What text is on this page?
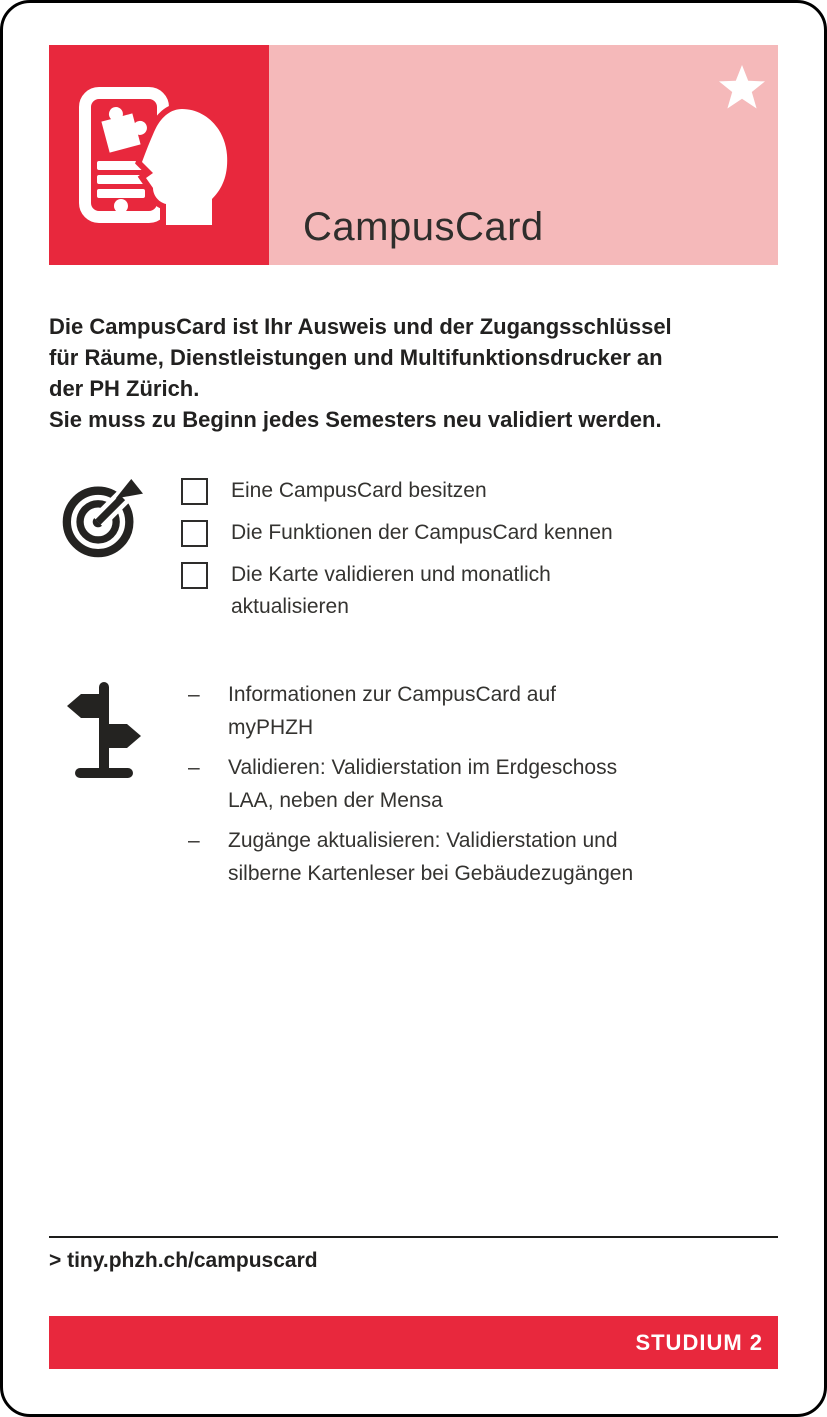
CampusCard
Die CampusCard ist Ihr Ausweis und der Zugangsschlüssel
für Räume, Dienstleistungen und Multifunktionsdrucker an
der PH Zürich.
Sie muss zu Beginn jedes Semesters neu validiert werden.
Eine CampusCard besitzen
Die Funktionen der CampusCard kennen
Die Karte validieren und monatlich
aktualisieren
–	Informationen zur CampusCard auf
myPHZH
–	Validieren: Validierstation im Erdgeschoss
LAA, neben der Mensa
–	Zugänge aktualisieren: Validierstation und
silberne Kartenleser bei Gebäudezugängen
> tiny.phzh.ch/campuscard
STUDIUM 2
